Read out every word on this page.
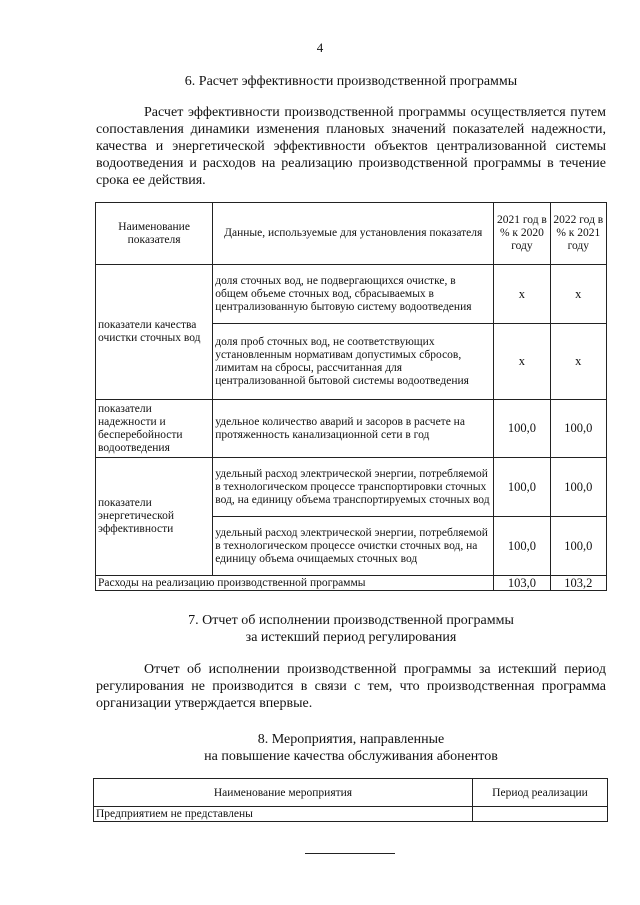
4
6. Расчет эффективности производственной программы

Расчет эффективности производственной программы осуществляется путем сопоставления динамики изменения плановых значений показателей надежности, качества и энергетической эффективности объектов централизованной системы водоотведения и расходов на реализацию производственной программы в течение срока ее действия.

Наименование показателя	Данные, используемые для установления показателя	2021 год в % к 2020 году	2022 год в % к 2021 году
показатели качества очистки сточных вод	доля сточных вод, не подвергающихся очистке, в общем объеме сточных вод, сбрасываемых в централизованную бытовую систему водоотведения	х	х
	доля проб сточных вод, не соответствующих установленным нормативам допустимых сбросов, лимитам на сбросы, рассчитанная для централизованной бытовой системы водоотведения	х	х
показатели надежности и бесперебойности водоотведения	удельное количество аварий и засоров в расчете на протяженность канализационной сети в год	100,0	100,0
показатели энергетической эффективности	удельный расход электрической энергии, потребляемой в технологическом процессе транспортировки сточных вод, на единицу объема транспортируемых сточных вод	100,0	100,0
	удельный расход электрической энергии, потребляемой в технологическом процессе очистки сточных вод, на единицу объема очищаемых сточных вод	100,0	100,0
Расходы на реализацию производственной программы		103,0	103,2
7. Отчет об исполнении производственной программы
за истекший период регулирования

Отчет об исполнении производственной программы за истекший период регулирования не производится в связи с тем, что производственная программа организации утверждается впервые.

8. Мероприятия, направленные
на повышение качества обслуживания абонентов
Наименование мероприятия	Период реализации
Предприятием не представлены	
